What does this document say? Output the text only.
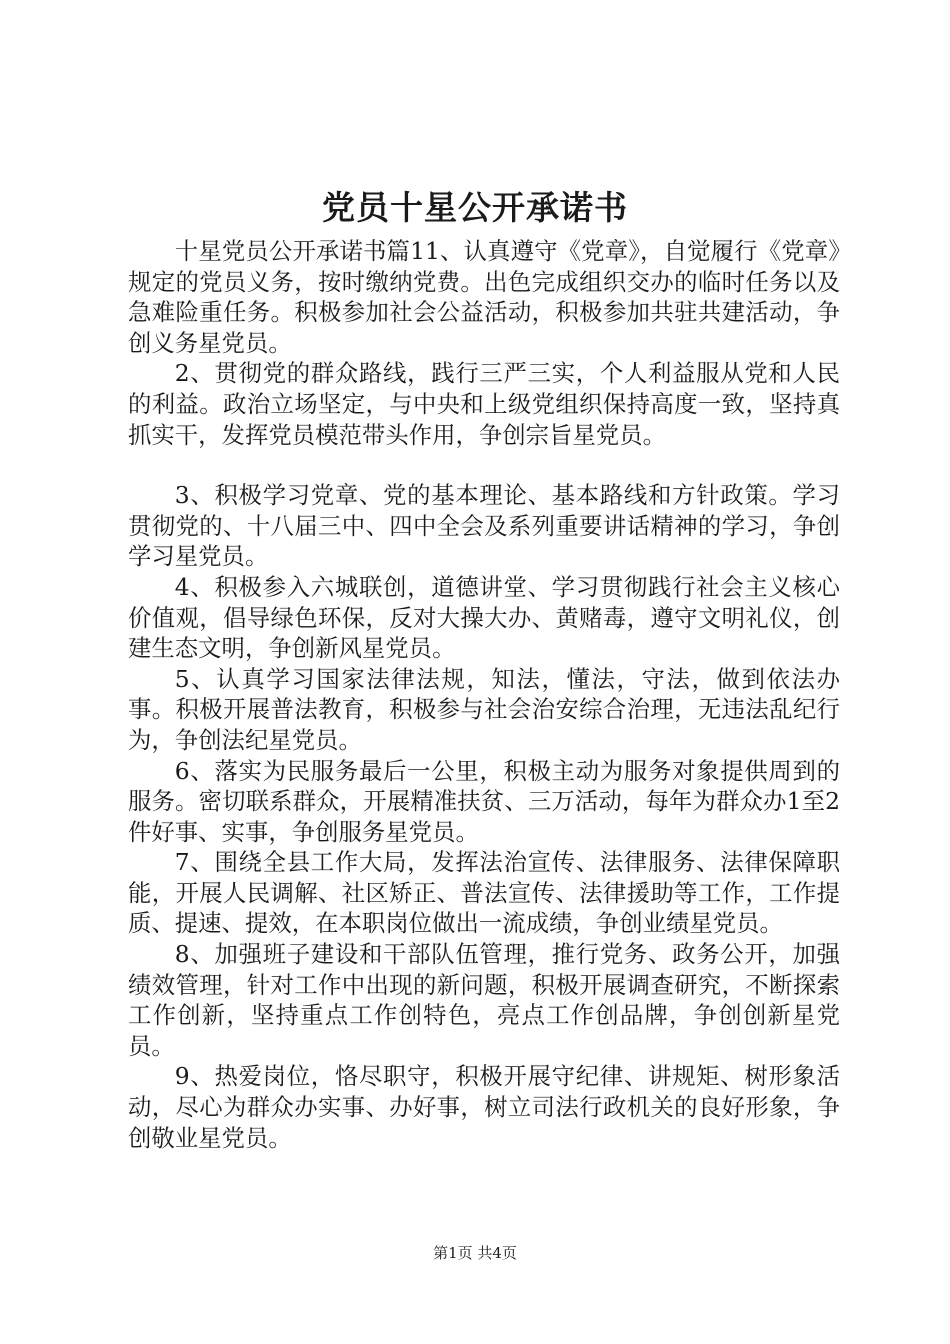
党员十星公开承诺书

十星党员公开承诺书篇11、认真遵守《党章》，自觉履行《党章》规定的党员义务，按时缴纳党费。出色完成组织交办的临时任务以及急难险重任务。积极参加社会公益活动，积极参加共驻共建活动，争创义务星党员。

2、贯彻党的群众路线，践行三严三实，个人利益服从党和人民的利益。政治立场坚定，与中央和上级党组织保持高度一致，坚持真抓实干，发挥党员模范带头作用，争创宗旨星党员。

3、积极学习党章、党的基本理论、基本路线和方针政策。学习贯彻党的、十八届三中、四中全会及系列重要讲话精神的学习，争创学习星党员。

4、积极参入六城联创，道德讲堂、学习贯彻践行社会主义核心价值观，倡导绿色环保，反对大操大办、黄赌毒，遵守文明礼仪，创建生态文明，争创新风星党员。

5、认真学习国家法律法规，知法，懂法，守法，做到依法办事。积极开展普法教育，积极参与社会治安综合治理，无违法乱纪行为，争创法纪星党员。

6、落实为民服务最后一公里，积极主动为服务对象提供周到的服务。密切联系群众，开展精准扶贫、三万活动，每年为群众办1至2件好事、实事，争创服务星党员。

7、围绕全县工作大局，发挥法治宣传、法律服务、法律保障职能，开展人民调解、社区矫正、普法宣传、法律援助等工作，工作提质、提速、提效，在本职岗位做出一流成绩，争创业绩星党员。

8、加强班子建设和干部队伍管理，推行党务、政务公开，加强绩效管理，针对工作中出现的新问题，积极开展调查研究，不断探索工作创新，坚持重点工作创特色，亮点工作创品牌，争创创新星党员。

9、热爱岗位，恪尽职守，积极开展守纪律、讲规矩、树形象活动，尽心为群众办实事、办好事，树立司法行政机关的良好形象，争创敬业星党员。

第1页 共4页
